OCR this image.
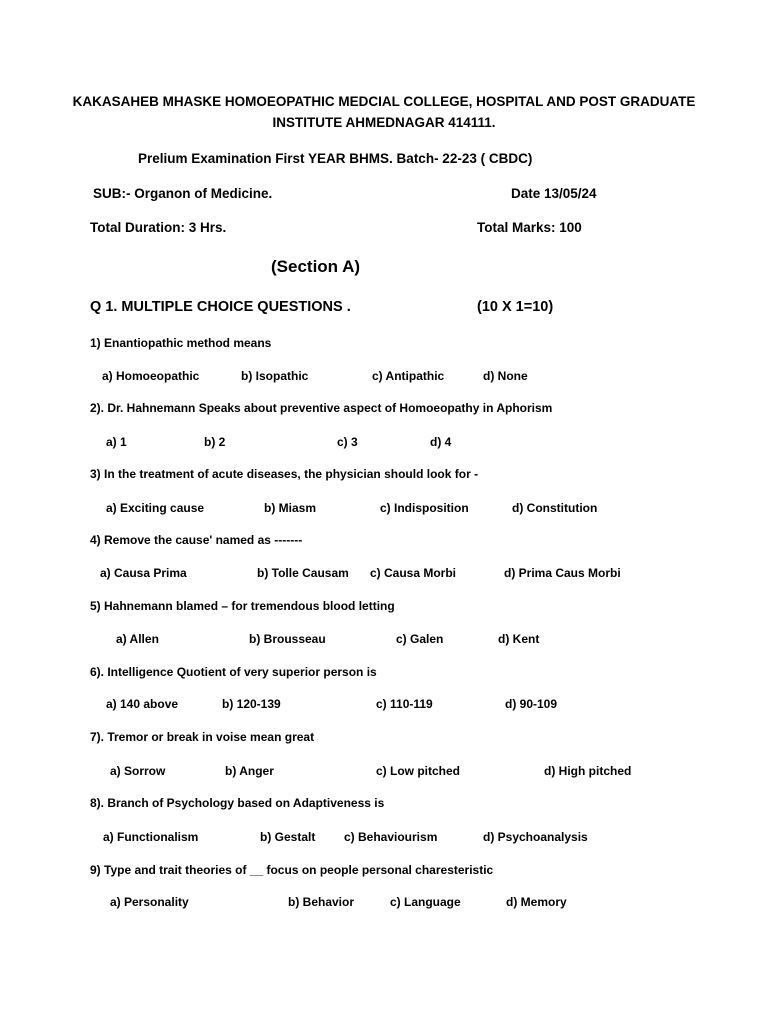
KAKASAHEB MHASKE HOMOEOPATHIC MEDCIAL COLLEGE, HOSPITAL AND POST GRADUATE
INSTITUTE AHMEDNAGAR 414111.
Prelium Examination First YEAR BHMS. Batch- 22-23 ( CBDC)
SUB:- Organon of Medicine.	Date 13/05/24
Total Duration: 3 Hrs.	Total Marks: 100
(Section A)
Q 1. MULTIPLE CHOICE QUESTIONS .	(10 X 1=10)
1) Enantiopathic method means
a) Homoeopathic	b) Isopathic	c) Antipathic	d) None
2). Dr. Hahnemann Speaks about preventive aspect of Homoeopathy in Aphorism
a) 1	b) 2	c) 3	d) 4
3) In the treatment of acute diseases, the physician should look for -
a) Exciting cause	b) Miasm	c) Indisposition	d) Constitution
4) Remove the cause' named as -------
a) Causa Prima	b) Tolle Causam c) Causa Morbi	d) Prima Caus Morbi
5) Hahnemann blamed – for tremendous blood letting
a) Allen	b) Brousseau	c) Galen	d) Kent
6). Intelligence Quotient of very superior person is
a) 140 above	b) 120-139	c) 110-119	d) 90-109
7). Tremor or break in voise mean great
a) Sorrow	b) Anger	c) Low pitched	d) High pitched
8). Branch of Psychology based on Adaptiveness is
a) Functionalism	b) Gestalt c) Behaviourism	d) Psychoanalysis
9) Type and trait theories of __ focus on people personal charesteristic
a) Personality	b) Behavior	c) Language	d) Memory
